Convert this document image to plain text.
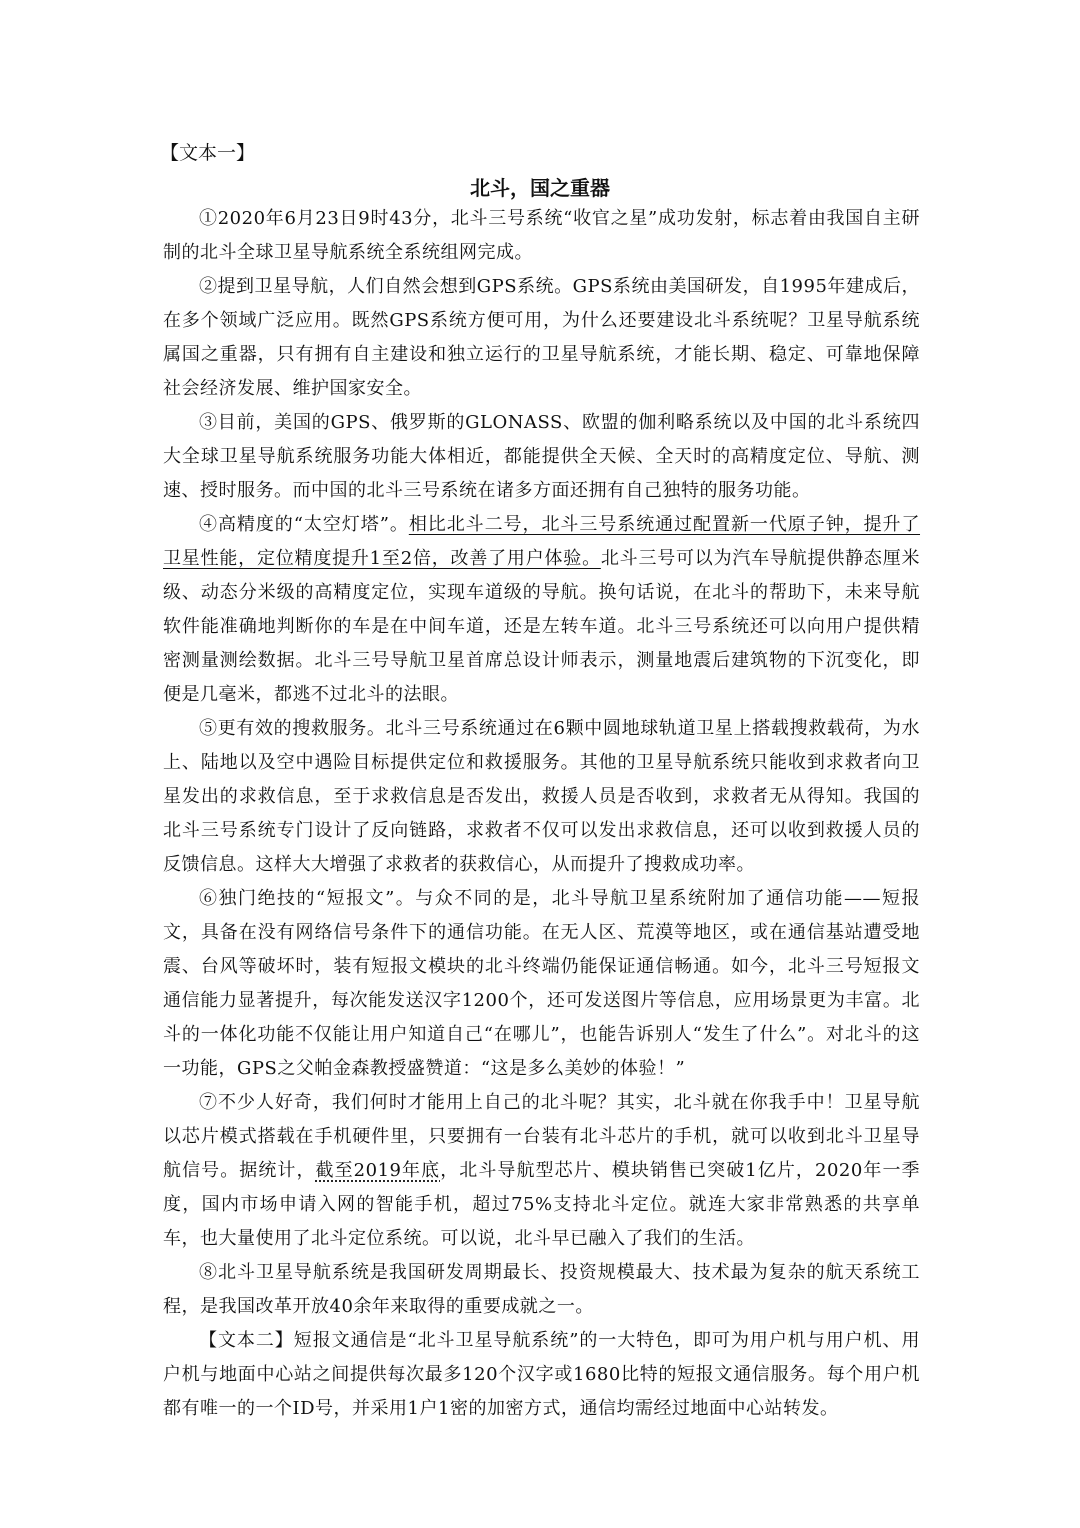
【文本一】
北斗，国之重器

①2020年6月23日9时43分，北斗三号系统“收官之星”成功发射，标志着由我国自主研制的北斗全球卫星导航系统全系统组网完成。

②提到卫星导航，人们自然会想到GPS系统。GPS系统由美国研发，自1995年建成后，在多个领域广泛应用。既然GPS系统方便可用，为什么还要建设北斗系统呢？卫星导航系统属国之重器，只有拥有自主建设和独立运行的卫星导航系统，才能长期、稳定、可靠地保障社会经济发展、维护国家安全。

③目前，美国的GPS、俄罗斯的GLONASS、欧盟的伽利略系统以及中国的北斗系统四大全球卫星导航系统服务功能大体相近，都能提供全天候、全天时的高精度定位、导航、测速、授时服务。而中国的北斗三号系统在诸多方面还拥有自己独特的服务功能。

④高精度的“太空灯塔”。相比北斗二号，北斗三号系统通过配置新一代原子钟，提升了卫星性能，定位精度提升1至2倍，改善了用户体验。北斗三号可以为汽车导航提供静态厘米级、动态分米级的高精度定位，实现车道级的导航。换句话说，在北斗的帮助下，未来导航软件能准确地判断你的车是在中间车道，还是左转车道。北斗三号系统还可以向用户提供精密测量测绘数据。北斗三号导航卫星首席总设计师表示，测量地震后建筑物的下沉变化，即便是几毫米，都逃不过北斗的法眼。

⑤更有效的搜救服务。北斗三号系统通过在6颗中圆地球轨道卫星上搭载搜救载荷，为水上、陆地以及空中遇险目标提供定位和救援服务。其他的卫星导航系统只能收到求救者向卫星发出的求救信息，至于求救信息是否发出，救援人员是否收到，求救者无从得知。我国的北斗三号系统专门设计了反向链路，求救者不仅可以发出求救信息，还可以收到救援人员的反馈信息。这样大大增强了求救者的获救信心，从而提升了搜救成功率。

⑥独门绝技的“短报文”。与众不同的是，北斗导航卫星系统附加了通信功能——短报文，具备在没有网络信号条件下的通信功能。在无人区、荒漠等地区，或在通信基站遭受地震、台风等破坏时，装有短报文模块的北斗终端仍能保证通信畅通。如今，北斗三号短报文通信能力显著提升，每次能发送汉字1200个，还可发送图片等信息，应用场景更为丰富。北斗的一体化功能不仅能让用户知道自己“在哪儿”，也能告诉别人“发生了什么”。对北斗的这一功能，GPS之父帕金森教授盛赞道：“这是多么美妙的体验！”

⑦不少人好奇，我们何时才能用上自己的北斗呢？其实，北斗就在你我手中！卫星导航以芯片模式搭载在手机硬件里，只要拥有一台装有北斗芯片的手机，就可以收到北斗卫星导航信号。据统计，截至2019年底，北斗导航型芯片、模块销售已突破1亿片，2020年一季度，国内市场申请入网的智能手机，超过75%支持北斗定位。就连大家非常熟悉的共享单车，也大量使用了北斗定位系统。可以说，北斗早已融入了我们的生活。

⑧北斗卫星导航系统是我国研发周期最长、投资规模最大、技术最为复杂的航天系统工程，是我国改革开放40余年来取得的重要成就之一。

【文本二】短报文通信是“北斗卫星导航系统”的一大特色，即可为用户机与用户机、用户机与地面中心站之间提供每次最多120个汉字或1680比特的短报文通信服务。每个用户机都有唯一的一个ID号，并采用1户1密的加密方式，通信均需经过地面中心站转发。
